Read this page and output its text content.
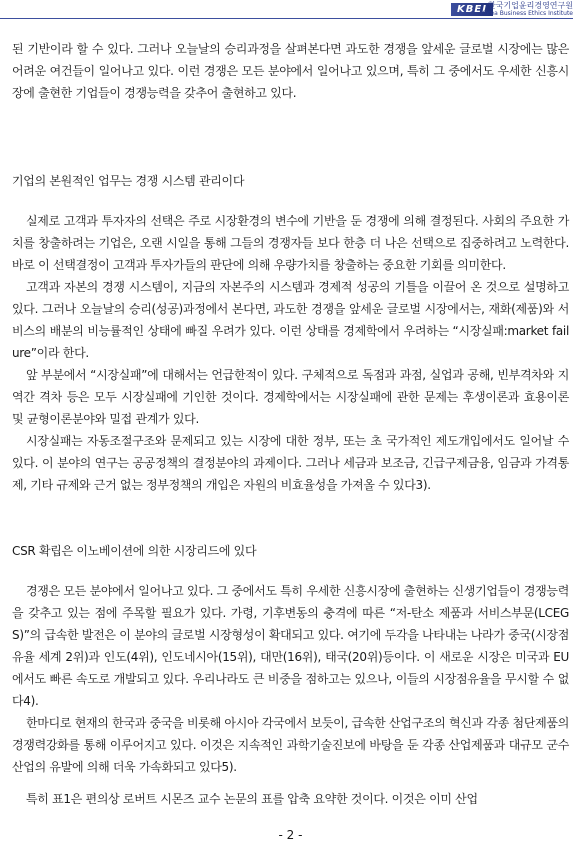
KBEI 한국기업윤리경영연구원
Korea Business Ethics Institute

된 기반이라 할 수 있다. 그러나 오늘날의 승리과정을 살펴본다면 과도한 경쟁을 앞세운 글로벌 시장에는 많은 어려운 여건들이 일어나고 있다. 이런 경쟁은 모든 분야에서 일어나고 있으며, 특히 그 중에서도 우세한 신흥시장에 출현한 기업들이 경쟁능력을 갖추어 출현하고 있다.

기업의 본원적인 업무는 경쟁 시스템 관리이다

실제로 고객과 투자자의 선택은 주로 시장환경의 변수에 기반을 둔 경쟁에 의해 결정된다. 사회의 주요한 가치를 창출하려는 기업은, 오랜 시일을 통해 그들의 경쟁자들 보다 한층 더 나은 선택으로 집중하려고 노력한다. 바로 이 선택결정이 고객과 투자가들의 판단에 의해 우량가치를 창출하는 중요한 기회를 의미한다.

고객과 자본의 경쟁 시스템이, 지금의 자본주의 시스템과 경제적 성공의 기틀을 이끌어 온 것으로 설명하고 있다. 그러나 오늘날의 승리(성공)과정에서 본다면, 과도한 경쟁을 앞세운 글로벌 시장에서는, 재화(제품)와 서비스의 배분의 비능률적인 상태에 빠질 우려가 있다. 이런 상태를 경제학에서 우려하는 “시장실패:market failure”이라 한다.

앞 부분에서 “시장실패”에 대해서는 언급한적이 있다. 구체적으로 독점과 과점, 실업과 공해, 빈부격차와 지역간 격차 등은 모두 시장실패에 기인한 것이다. 경제학에서는 시장실패에 관한 문제는 후생이론과 효용이론 및 균형이론분야와 밀접 관계가 있다.

시장실패는 자동조절구조와 문제되고 있는 시장에 대한 정부, 또는 초 국가적인 제도개입에서도 일어날 수 있다. 이 분야의 연구는 공공정책의 결정분야의 과제이다. 그러나 세금과 보조금, 긴급구제금융, 임금과 가격통제, 기타 규제와 근거 없는 정부정책의 개입은 자원의 비효율성을 가져올 수 있다3).

CSR 확립은 이노베이션에 의한 시장리드에 있다

경쟁은 모든 분야에서 일어나고 있다. 그 중에서도 특히 우세한 신흥시장에 출현하는 신생기업들이 경쟁능력을 갖추고 있는 점에 주목할 필요가 있다. 가령, 기후변동의 충격에 따른 “저-탄소 제품과 서비스부문(LCEGS)”의 급속한 발전은 이 분야의 글로벌 시장형성이 확대되고 있다. 여기에 두각을 나타내는 나라가 중국(시장점유율 세계 2위)과 인도(4위), 인도네시아(15위), 대만(16위), 태국(20위)등이다. 이 새로운 시장은 미국과 EU에서도 빠른 속도로 개발되고 있다. 우리나라도 큰 비중을 점하고는 있으나, 이들의 시장점유율을 무시할 수 없다4).

한마디로 현재의 한국과 중국을 비롯해 아시아 각국에서 보듯이, 급속한 산업구조의 혁신과 각종 첨단제품의 경쟁력강화를 통해 이루어지고 있다. 이것은 지속적인 과학기술진보에 바탕을 둔 각종 산업제품과 대규모 군수산업의 유발에 의해 더욱 가속화되고 있다5).

특히 표1은 편의상 로버트 시몬즈 교수 논문의 표를 압축 요약한 것이다. 이것은 이미 산업

- 2 -
